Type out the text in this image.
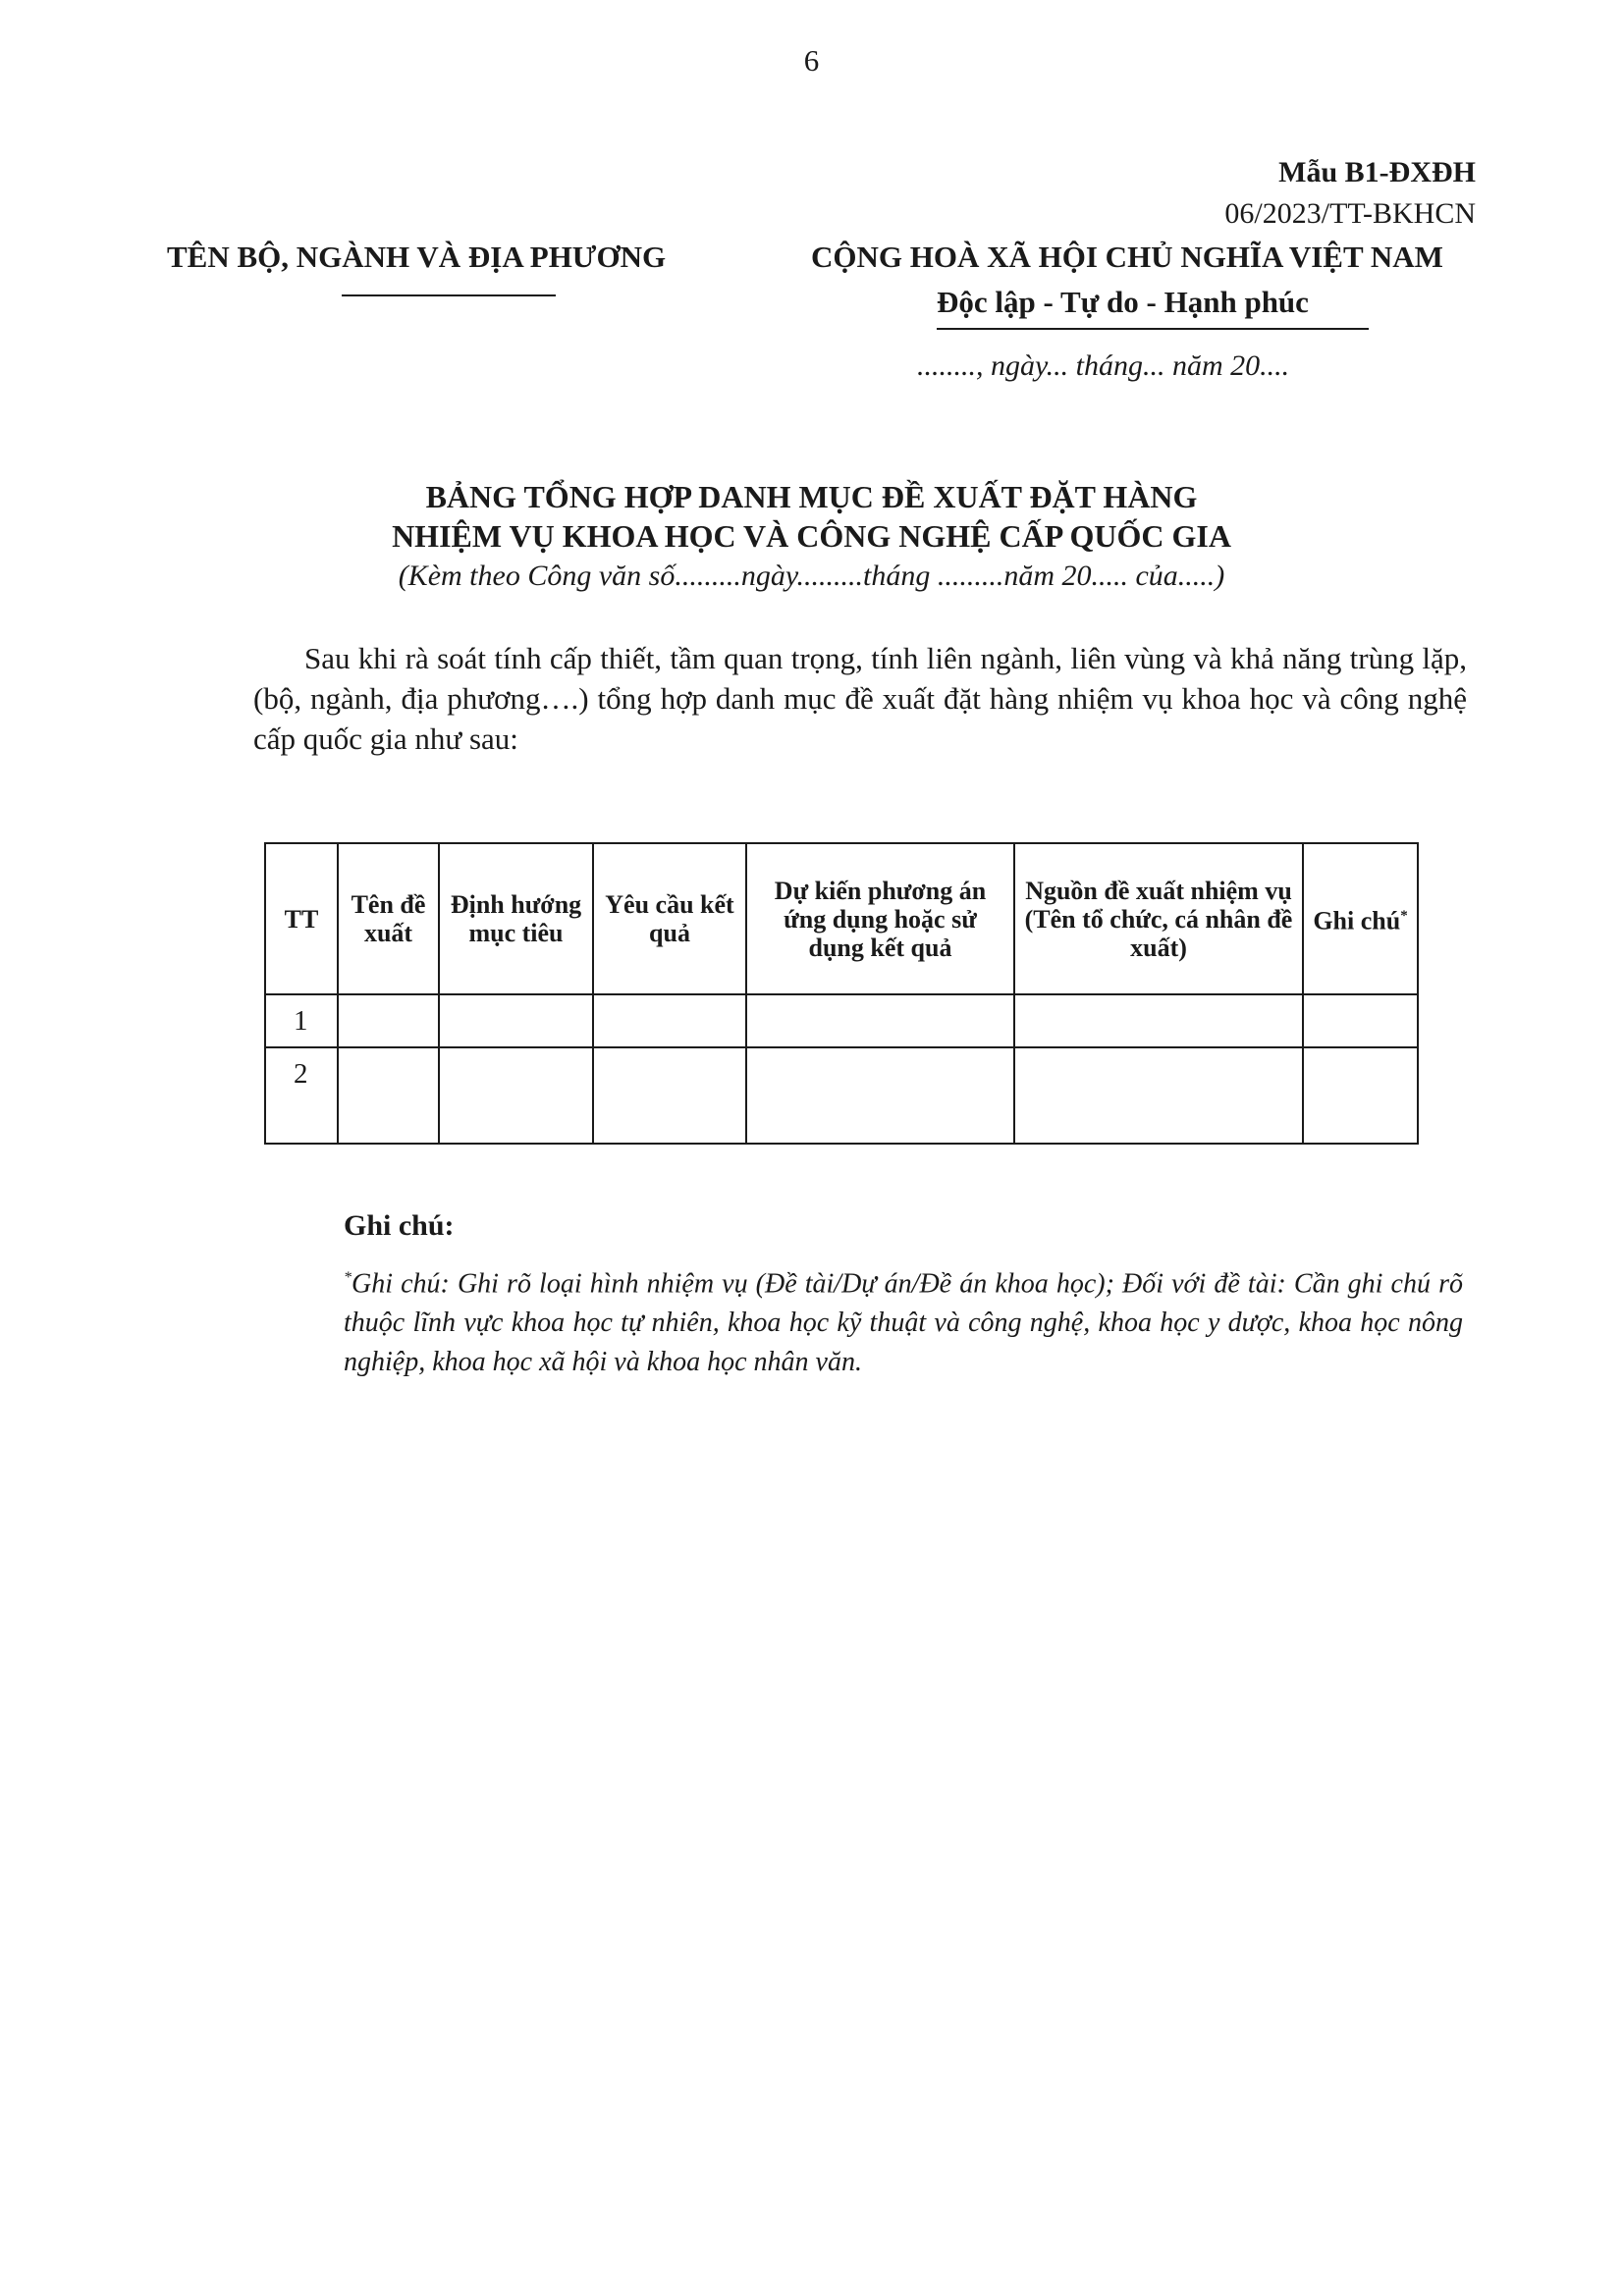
6
Mẫu B1-ĐXĐH
06/2023/TT-BKHCN
TÊN BỘ, NGÀNH VÀ ĐỊA PHƯƠNG	CỘNG HOÀ XÃ HỘI CHỦ NGHĨA VIỆT NAM
Độc lập - Tự do - Hạnh phúc
........, ngày... tháng... năm 20....
BẢNG TỔNG HỢP DANH MỤC ĐỀ XUẤT ĐẶT HÀNG
NHIỆM VỤ KHOA HỌC VÀ CÔNG NGHỆ CẤP QUỐC GIA
(Kèm theo Công văn số.........ngày.........tháng .........năm 20..... của.....)
Sau khi rà soát tính cấp thiết, tầm quan trọng, tính liên ngành, liên vùng và khả năng trùng lặp, (bộ, ngành, địa phương….) tổng hợp danh mục đề xuất đặt hàng nhiệm vụ khoa học và công nghệ cấp quốc gia như sau:
TT	Tên đề xuất	Định hướng mục tiêu	Yêu cầu kết quả	Dự kiến phương án ứng dụng hoặc sử dụng kết quả	Nguồn đề xuất nhiệm vụ (Tên tổ chức, cá nhân đề xuất)	Ghi chú*
1						
2						
Ghi chú:
*Ghi chú: Ghi rõ loại hình nhiệm vụ (Đề tài/Dự án/Đề án khoa học); Đối với đề tài: Cần ghi chú rõ thuộc lĩnh vực khoa học tự nhiên, khoa học kỹ thuật và công nghệ, khoa học y dược, khoa học nông nghiệp, khoa học xã hội và khoa học nhân văn.
